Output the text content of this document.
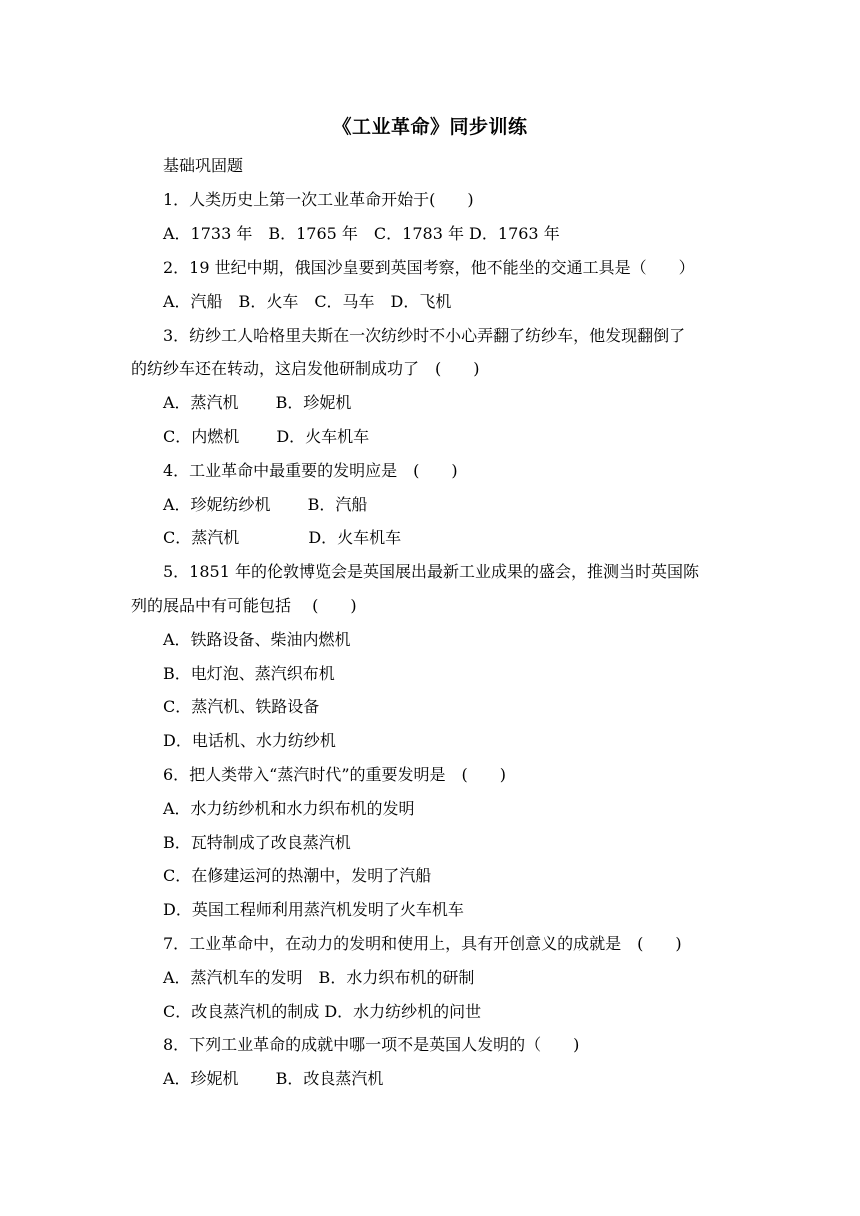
《工业革命》同步训练
基础巩固题
1．人类历史上第一次工业革命开始于(　　)
A．1733 年　B．1765 年　C．1783 年 D．1763 年
2．19 世纪中期，俄国沙皇要到英国考察，他不能坐的交通工具是（　　）
A．汽船　B．火车　C．马车　D．飞机
3．纺纱工人哈格里夫斯在一次纺纱时不小心弄翻了纺纱车，他发现翻倒了
的纺纱车还在转动，这启发他研制成功了　(　　)
A．蒸汽机　　 B．珍妮机
C．内燃机　　 D．火车机车
4．工业革命中最重要的发明应是　(　　)
A．珍妮纺纱机　　 B．汽船
C．蒸汽机　　　　 D．火车机车
5．1851 年的伦敦博览会是英国展出最新工业成果的盛会，推测当时英国陈
列的展品中有可能包括　 (　　)
A．铁路设备、柴油内燃机
B．电灯泡、蒸汽织布机
C．蒸汽机、铁路设备
D．电话机、水力纺纱机
6．把人类带入“蒸汽时代”的重要发明是　(　　)
A．水力纺纱机和水力织布机的发明
B．瓦特制成了改良蒸汽机
C．在修建运河的热潮中，发明了汽船
D．英国工程师利用蒸汽机发明了火车机车
7．工业革命中，在动力的发明和使用上，具有开创意义的成就是　(　　)
A．蒸汽机车的发明　B．水力织布机的研制
C．改良蒸汽机的制成 D．水力纺纱机的问世
8．下列工业革命的成就中哪一项不是英国人发明的（　　)
A．珍妮机　　 B．改良蒸汽机
